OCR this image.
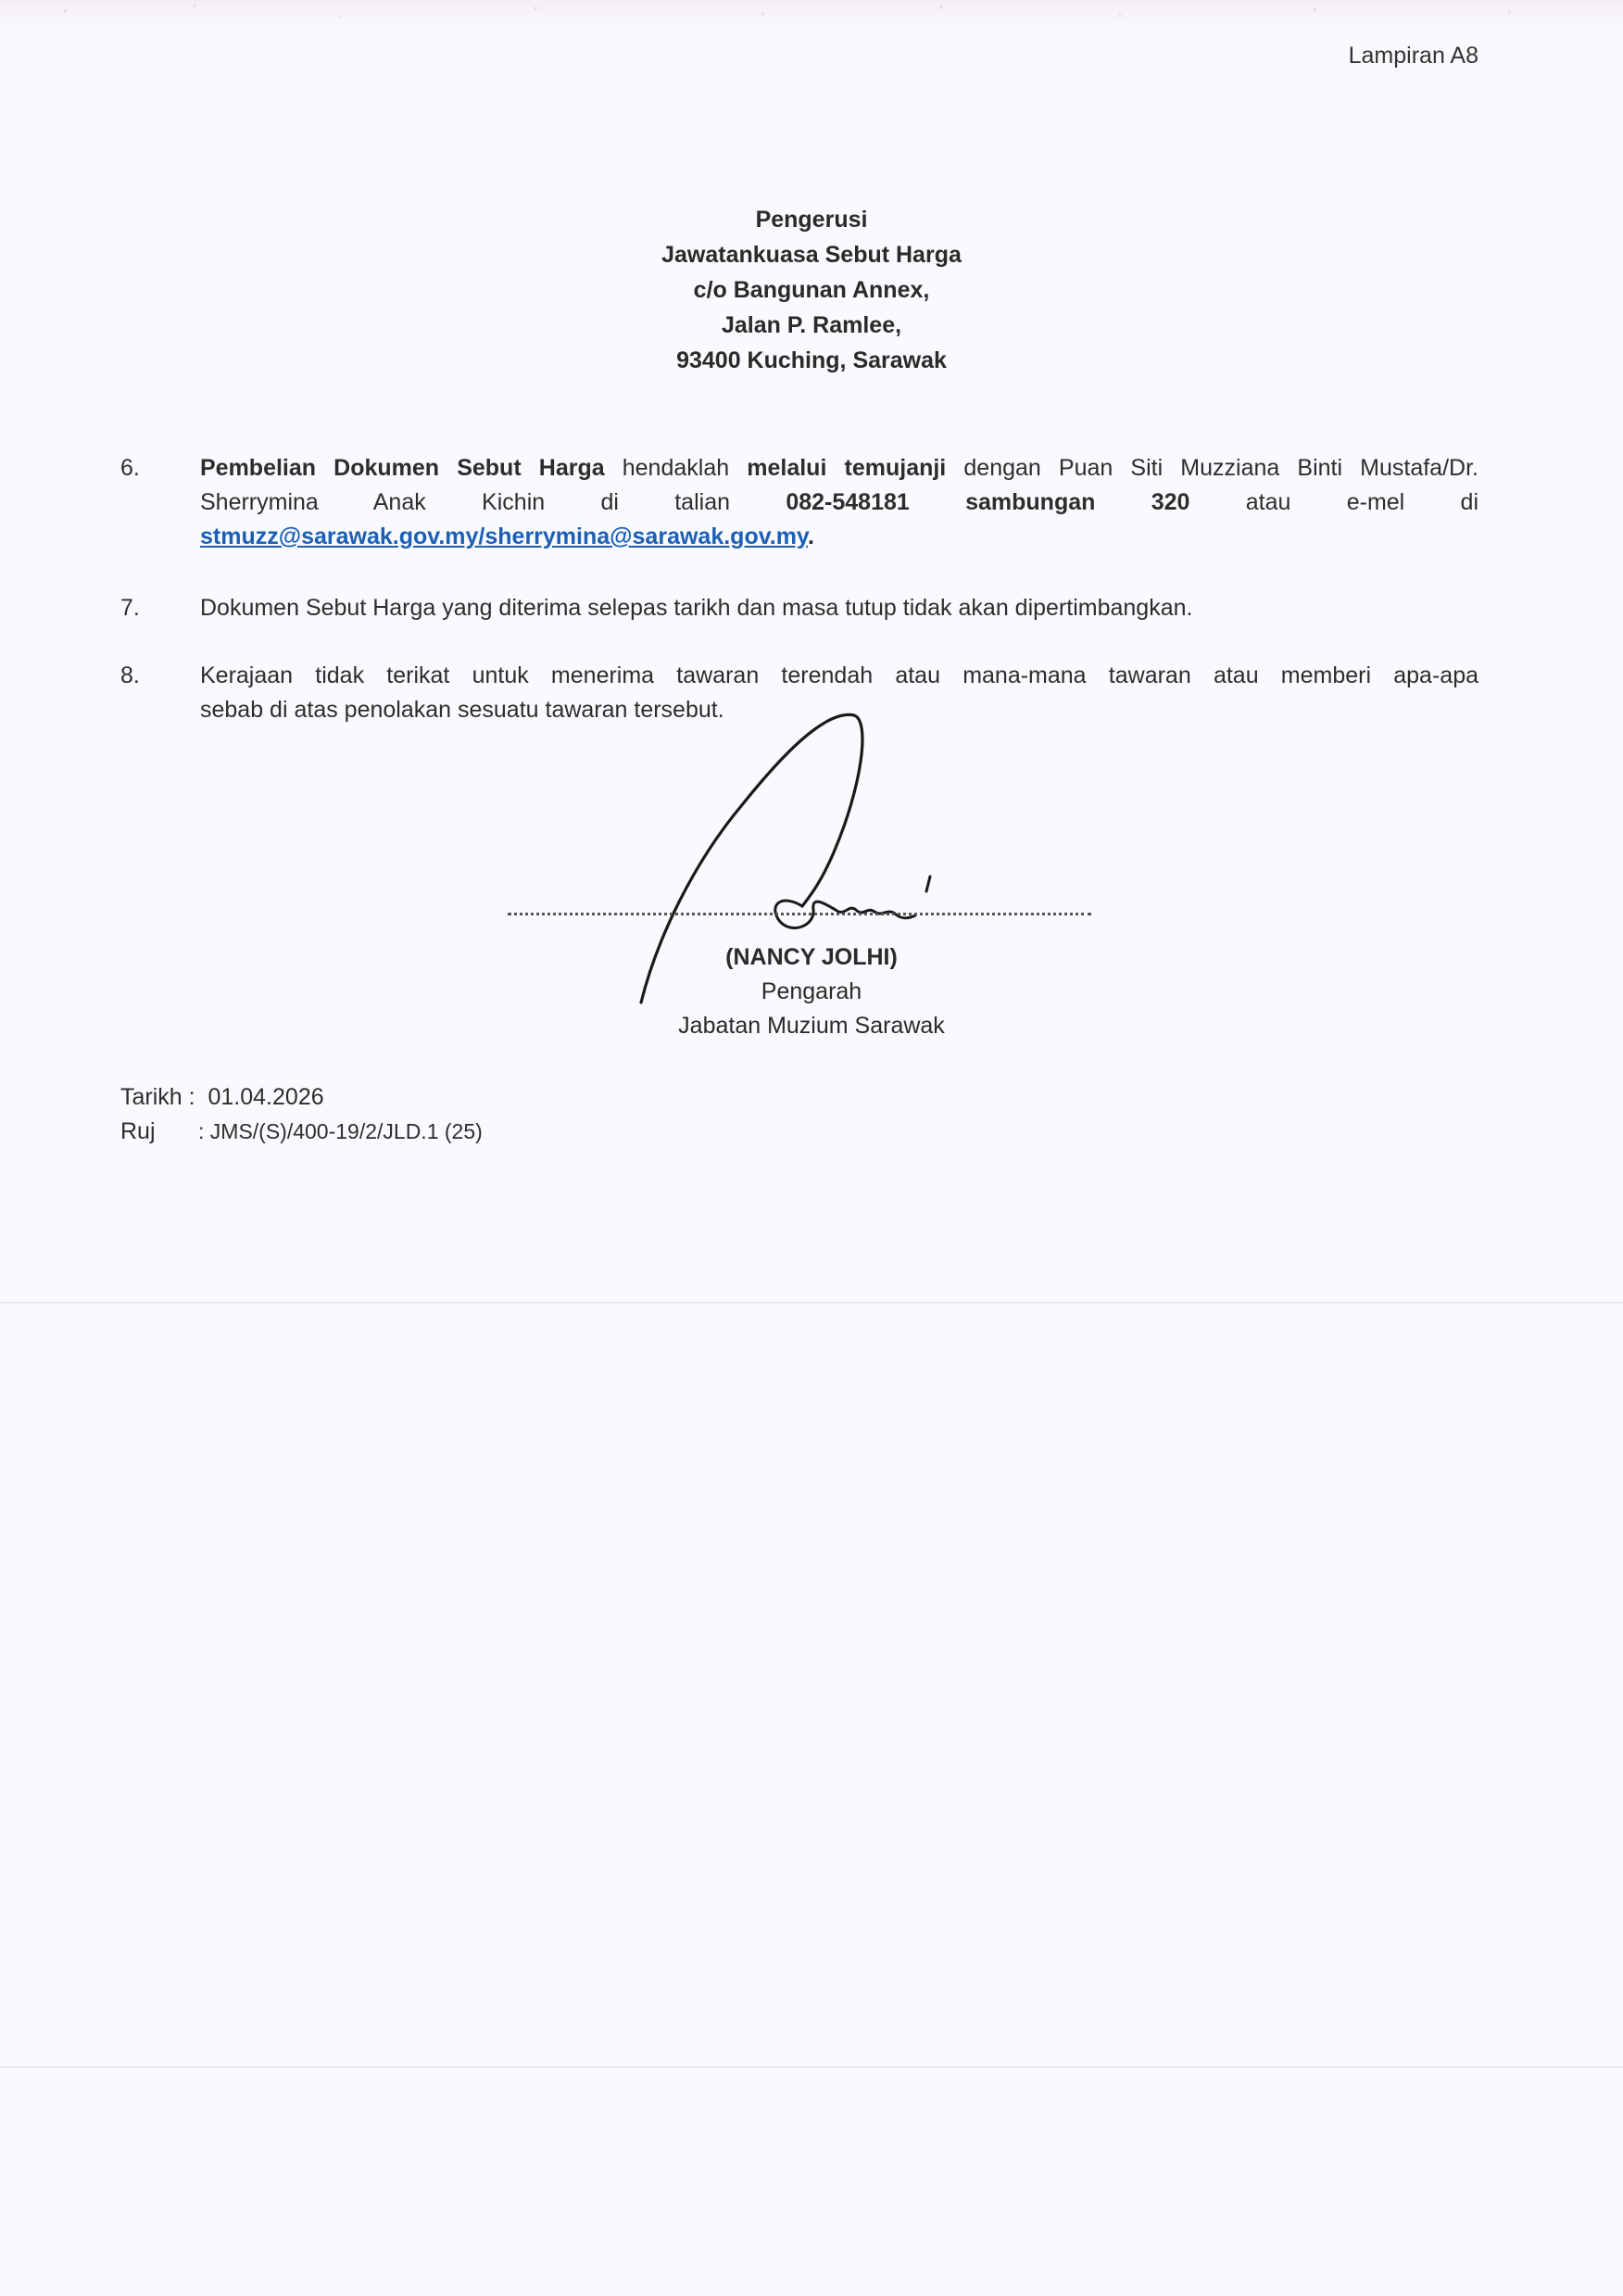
Lampiran A8
Pengerusi
Jawatankuasa Sebut Harga
c/o Bangunan Annex,
Jalan P. Ramlee,
93400 Kuching, Sarawak
6.	Pembelian Dokumen Sebut Harga hendaklah melalui temujanji dengan Puan Siti Muzziana Binti Mustafa/Dr.

Sherrymina Anak Kichin di talian 082-548181 sambungan 320 atau e-mel di

stmuzz@sarawak.gov.my/sherrymina@sarawak.gov.my.

7.	Dokumen Sebut Harga yang diterima selepas tarikh dan masa tutup tidak akan dipertimbangkan.

8.	Kerajaan tidak terikat untuk menerima tawaran terendah atau mana-mana tawaran atau memberi apa-apa

sebab di atas penolakan sesuatu tawaran tersebut.

(NANCY JOLHI)
Pengarah
Jabatan Muzium Sarawak
Tarikh : 01.04.2026
Ruj : JMS/(S)/400-19/2/JLD.1 (25)
